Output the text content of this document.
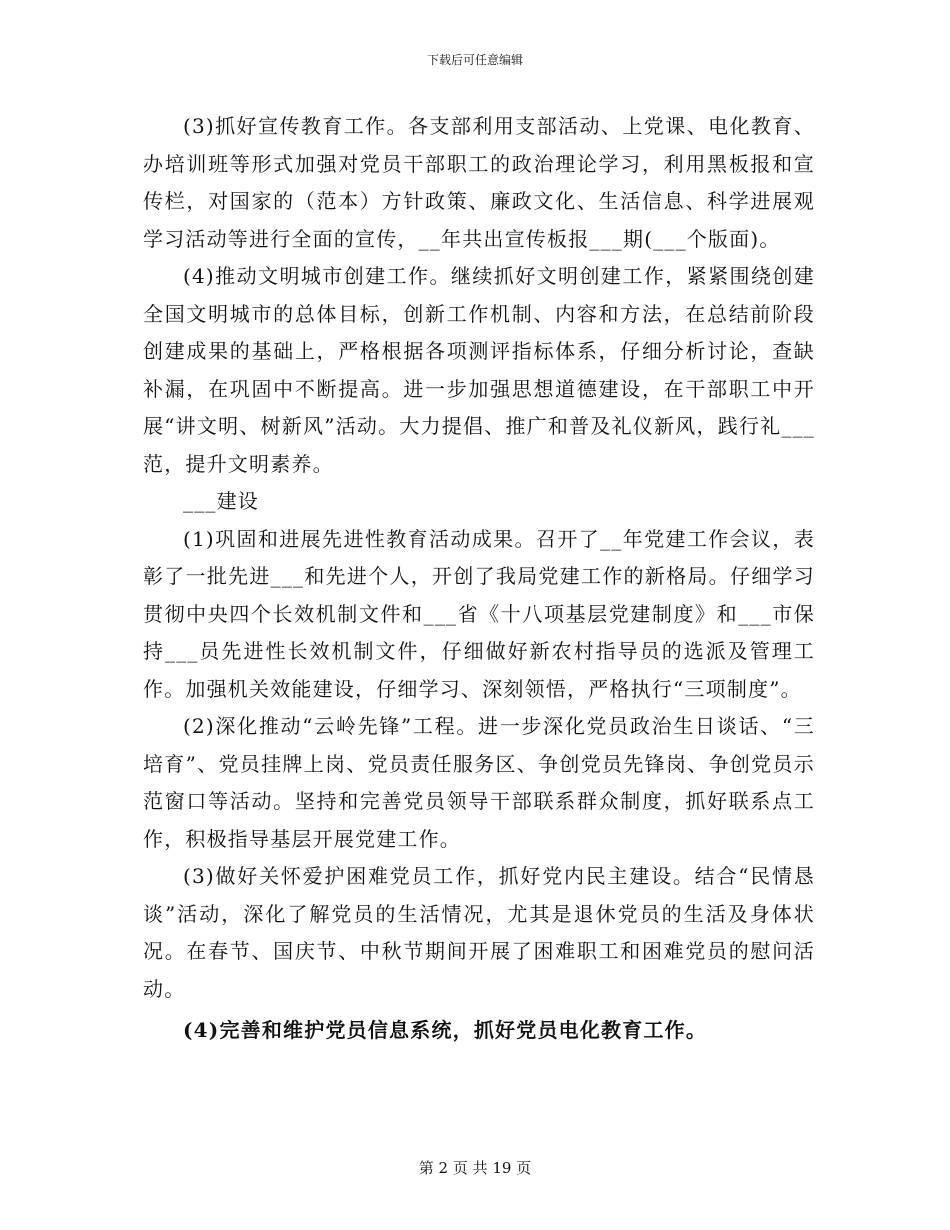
下载后可任意编辑

(3)抓好宣传教育工作。各支部利用支部活动、上党课、电化教育、办培训班等形式加强对党员干部职工的政治理论学习，利用黑板报和宣传栏，对国家的（范本）方针政策、廉政文化、生活信息、科学进展观学习活动等进行全面的宣传，__年共出宣传板报___期(___个版面)。

(4)推动文明城市创建工作。继续抓好文明创建工作，紧紧围绕创建全国文明城市的总体目标，创新工作机制、内容和方法，在总结前阶段创建成果的基础上，严格根据各项测评指标体系，仔细分析讨论，查缺补漏，在巩固中不断提高。进一步加强思想道德建设，在干部职工中开展“讲文明、树新风”活动。大力提倡、推广和普及礼仪新风，践行礼___范，提升文明素养。

___建设

(1)巩固和进展先进性教育活动成果。召开了__年党建工作会议，表彰了一批先进___和先进个人，开创了我局党建工作的新格局。仔细学习贯彻中央四个长效机制文件和___省《十八项基层党建制度》和___市保持___员先进性长效机制文件，仔细做好新农村指导员的选派及管理工作。加强机关效能建设，仔细学习、深刻领悟，严格执行“三项制度”。

(2)深化推动“云岭先锋”工程。进一步深化党员政治生日谈话、“三培育”、党员挂牌上岗、党员责任服务区、争创党员先锋岗、争创党员示范窗口等活动。坚持和完善党员领导干部联系群众制度，抓好联系点工作，积极指导基层开展党建工作。

(3)做好关怀爱护困难党员工作，抓好党内民主建设。结合“民情恳谈”活动，深化了解党员的生活情况，尤其是退休党员的生活及身体状况。在春节、国庆节、中秋节期间开展了困难职工和困难党员的慰问活动。

(4)完善和维护党员信息系统，抓好党员电化教育工作。

第 2 页 共 19 页
